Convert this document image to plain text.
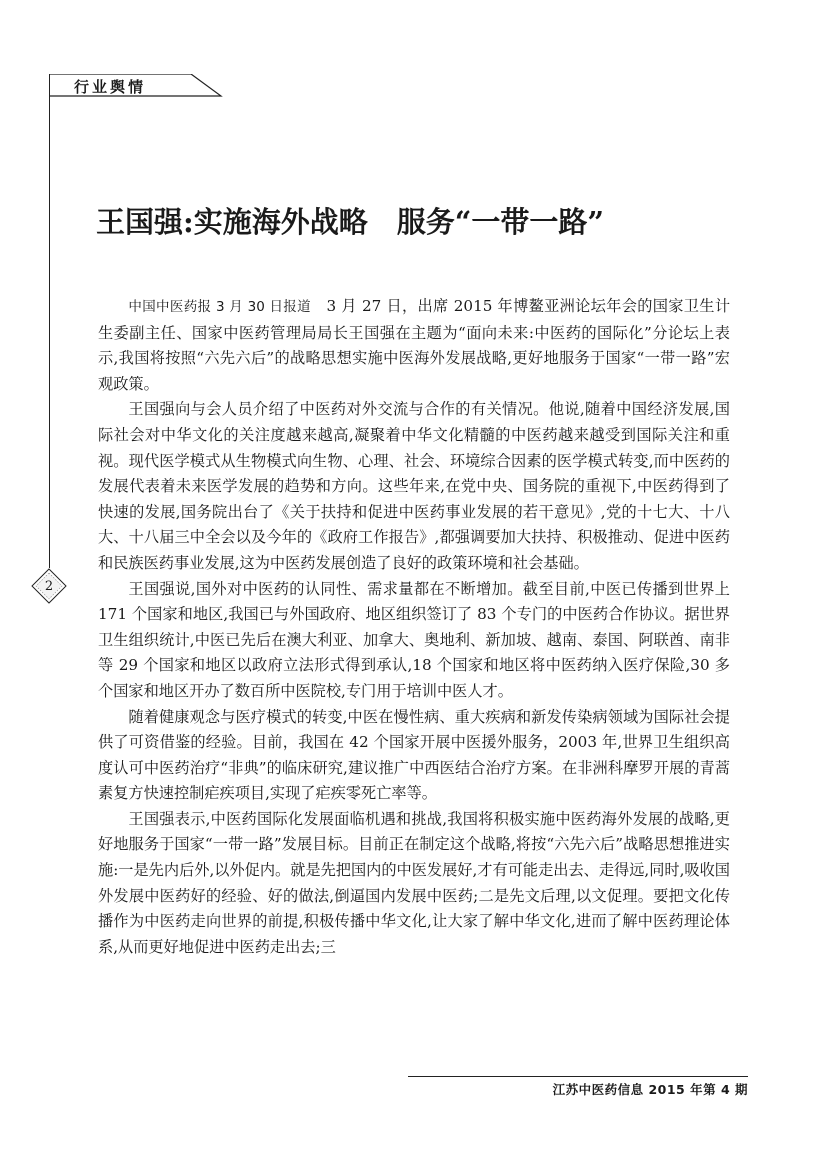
行业舆情
2
王国强:实施海外战略　服务“一带一路”

中国中医药报 3 月 30 日报道　 3 月 27 日，出席 2015 年博鳌亚洲论坛年会的国家卫生计生委副主任、国家中医药管理局局长王国强在主题为“面向未来:中医药的国际化”分论坛上表示,我国将按照“六先六后”的战略思想实施中医海外发展战略,更好地服务于国家“一带一路”宏观政策。

王国强向与会人员介绍了中医药对外交流与合作的有关情况。他说,随着中国经济发展,国际社会对中华文化的关注度越来越高,凝聚着中华文化精髓的中医药越来越受到国际关注和重视。现代医学模式从生物模式向生物、心理、社会、环境综合因素的医学模式转变,而中医药的发展代表着未来医学发展的趋势和方向。这些年来,在党中央、国务院的重视下,中医药得到了快速的发展,国务院出台了《关于扶持和促进中医药事业发展的若干意见》,党的十七大、十八大、十八届三中全会以及今年的《政府工作报告》,都强调要加大扶持、积极推动、促进中医药和民族医药事业发展,这为中医药发展创造了良好的政策环境和社会基础。

王国强说,国外对中医药的认同性、需求量都在不断增加。截至目前,中医已传播到世界上 171 个国家和地区,我国已与外国政府、地区组织签订了 83 个专门的中医药合作协议。据世界卫生组织统计,中医已先后在澳大利亚、加拿大、奥地利、新加坡、越南、泰国、阿联酋、南非等 29 个国家和地区以政府立法形式得到承认,18 个国家和地区将中医药纳入医疗保险,30 多个国家和地区开办了数百所中医院校,专门用于培训中医人才。

随着健康观念与医疗模式的转变,中医在慢性病、重大疾病和新发传染病领域为国际社会提供了可资借鉴的经验。目前，我国在 42 个国家开展中医援外服务，2003 年,世界卫生组织高度认可中医药治疗“非典”的临床研究,建议推广中西医结合治疗方案。在非洲科摩罗开展的青蒿素复方快速控制疟疾项目,实现了疟疾零死亡率等。

王国强表示,中医药国际化发展面临机遇和挑战,我国将积极实施中医药海外发展的战略,更好地服务于国家“一带一路”发展目标。目前正在制定这个战略,将按“六先六后”战略思想推进实施:一是先内后外,以外促内。就是先把国内的中医发展好,才有可能走出去、走得远,同时,吸收国外发展中医药好的经验、好的做法,倒逼国内发展中医药;二是先文后理,以文促理。要把文化传播作为中医药走向世界的前提,积极传播中华文化,让大家了解中华文化,进而了解中医药理论体系,从而更好地促进中医药走出去;三

江苏中医药信息 2015 年第 4 期
